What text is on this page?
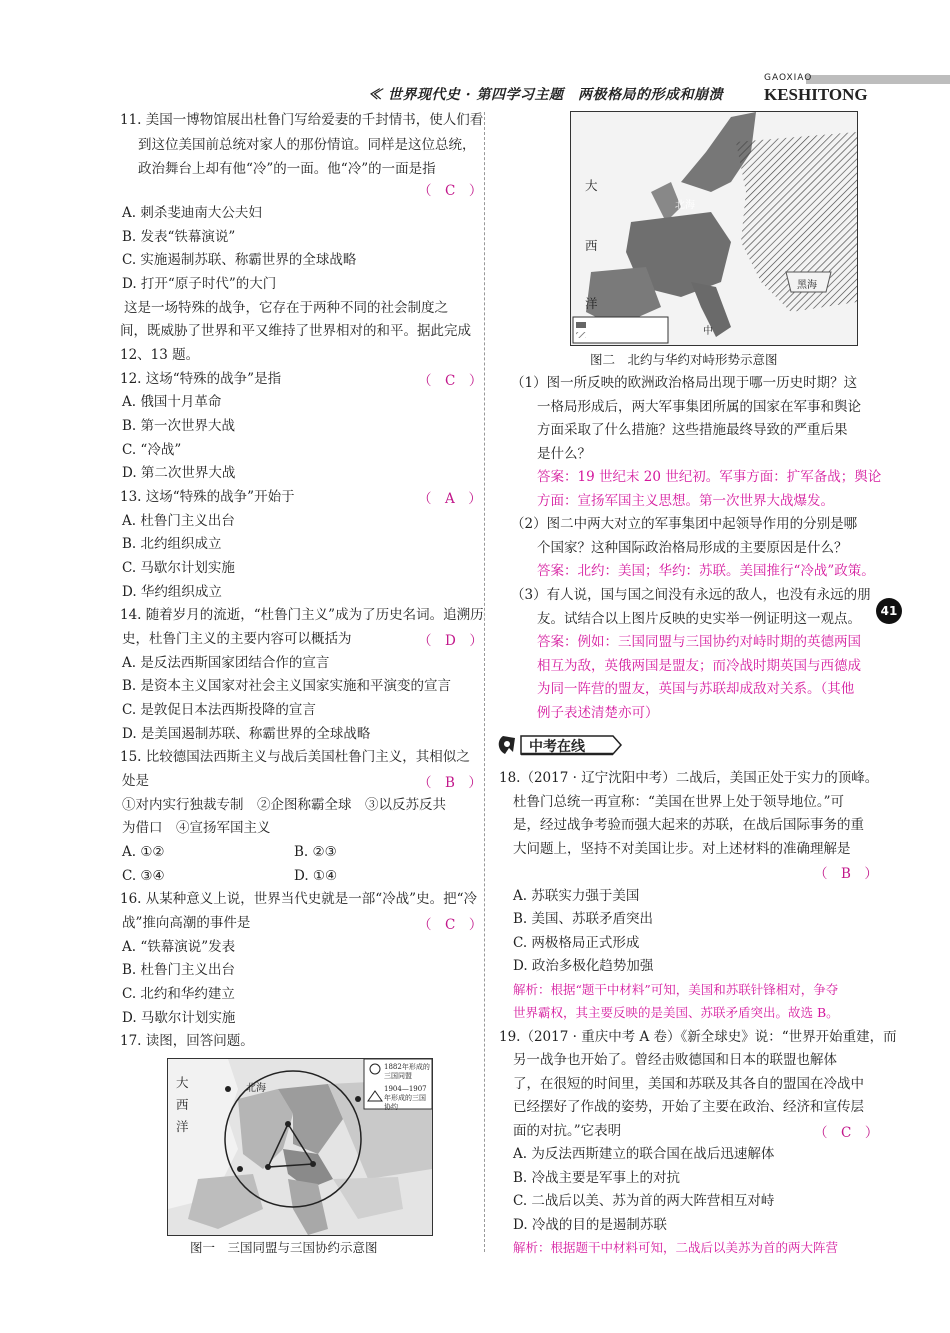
≪ 世界现代史 · 第四学习主题　两极格局的形成和崩溃
GAOXIAO
KESHITONG
11. 美国一博物馆展出杜鲁门写给爱妻的千封情书，使人们看
到这位美国前总统对家人的那份情谊。同样是这位总统，
政治舞台上却有他“冷”的一面。他“冷”的一面是指
（　C　）
A. 刺杀斐迪南大公夫妇
B. 发表“铁幕演说”
C. 实施遏制苏联、称霸世界的全球战略
D. 打开“原子时代”的大门
这是一场特殊的战争，它存在于两种不同的社会制度之
间，既威胁了世界和平又维持了世界相对的和平。据此完成
12、13 题。
12. 这场“特殊的战争”是指	（　C　）
A. 俄国十月革命
B. 第一次世界大战
C. “冷战”
D. 第二次世界大战
13. 这场“特殊的战争”开始于	（　A　）
A. 杜鲁门主义出台
B. 北约组织成立
C. 马歇尔计划实施
D. 华约组织成立
14. 随着岁月的流逝，“杜鲁门主义”成为了历史名词。追溯历
史，杜鲁门主义的主要内容可以概括为	（　D　）
A. 是反法西斯国家团结合作的宣言
B. 是资本主义国家对社会主义国家实施和平演变的宣言
C. 是敦促日本法西斯投降的宣言
D. 是美国遏制苏联、称霸世界的全球战略
15. 比较德国法西斯主义与战后美国杜鲁门主义，其相似之
处是	（　B　）
①对内实行独裁专制　②企图称霸全球　③以反苏反共
为借口　④宣扬军国主义
A. ①②	B. ②③
C. ③④	D. ①④
16. 从某种意义上说，世界当代史就是一部“冷战”史。把“冷
战”推向高潮的事件是	（　C　）
A. “铁幕演说”发表
B. 杜鲁门主义出台
C. 北约和华约建立
D. 马歇尔计划实施
17. 读图，回答问题。
大
西
洋
北海
1882年形成的三国同盟
1904—1907年形成的三国协约
图一　三国同盟与三国协约示意图
大
西
洋
北海
黑海
中
图二　北约与华约对峙形势示意图
（1）图一所反映的欧洲政治格局出现于哪一历史时期？这
一格局形成后，两大军事集团所属的国家在军事和舆论
方面采取了什么措施？这些措施最终导致的严重后果
是什么？
答案：19 世纪末 20 世纪初。军事方面：扩军备战；舆论
方面：宣扬军国主义思想。第一次世界大战爆发。
（2）图二中两大对立的军事集团中起领导作用的分别是哪
个国家？这种国际政治格局形成的主要原因是什么？
答案：北约：美国；华约：苏联。美国推行“冷战”政策。
（3）有人说，国与国之间没有永远的敌人，也没有永远的朋
友。试结合以上图片反映的史实举一例证明这一观点。
答案：例如：三国同盟与三国协约对峙时期的英德两国
相互为敌，英俄两国是盟友；而冷战时期英国与西德成
为同一阵营的盟友，英国与苏联却成敌对关系。（其他
例子表述清楚亦可）
中考在线
18.（2017 · 辽宁沈阳中考）二战后，美国正处于实力的顶峰。
杜鲁门总统一再宣称：“美国在世界上处于领导地位。”可
是，经过战争考验而强大起来的苏联，在战后国际事务的重
大问题上，坚持不对美国让步。对上述材料的准确理解是
（　B　）
A. 苏联实力强于美国
B. 美国、苏联矛盾突出
C. 两极格局正式形成
D. 政治多极化趋势加强
解析：根据“题干中材料”可知，美国和苏联针锋相对，争夺
世界霸权，其主要反映的是美国、苏联矛盾突出。故选 B。
19.（2017 · 重庆中考 A 卷）《新全球史》说：“世界开始重建，而
另一战争也开始了。曾经击败德国和日本的联盟也解体
了，在很短的时间里，美国和苏联及其各自的盟国在冷战中
已经摆好了作战的姿势，开始了主要在政治、经济和宣传层
面的对抗。”它表明	（　C　）
A. 为反法西斯建立的联合国在战后迅速解体
B. 冷战主要是军事上的对抗
C. 二战后以美、苏为首的两大阵营相互对峙
D. 冷战的目的是遏制苏联
解析：根据题干中材料可知，二战后以美苏为首的两大阵营
41
